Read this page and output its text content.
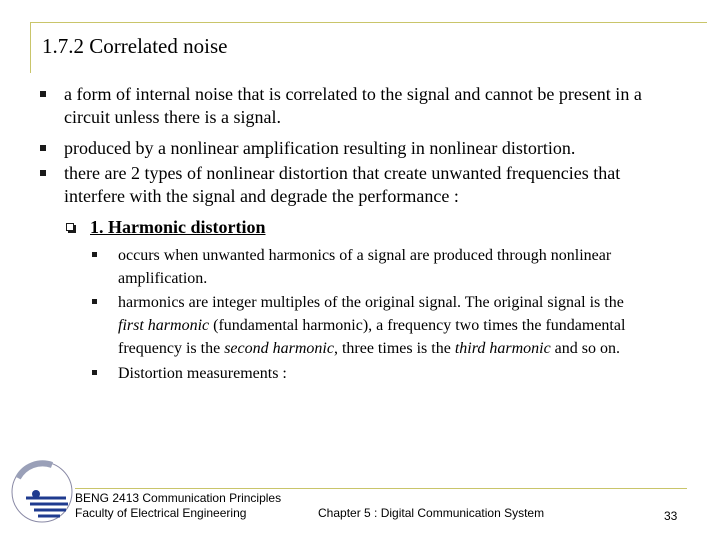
1.7.2 Correlated noise
a form of internal noise that is correlated to the signal and cannot be present in a
circuit unless there is a signal.
produced by a nonlinear amplification resulting in nonlinear distortion.
there are 2 types of nonlinear distortion that create unwanted frequencies that
interfere with the signal and degrade the performance :
1. Harmonic distortion
occurs when unwanted harmonics of a signal are produced through nonlinear
amplification.
harmonics are integer multiples of the original signal. The original signal is the
first harmonic (fundamental harmonic), a frequency two times the fundamental
frequency is the second harmonic, three times is the third harmonic and so on.
Distortion measurements :
BENG 2413 Communication Principles
Faculty of Electrical Engineering	Chapter 5 : Digital Communication System	33
